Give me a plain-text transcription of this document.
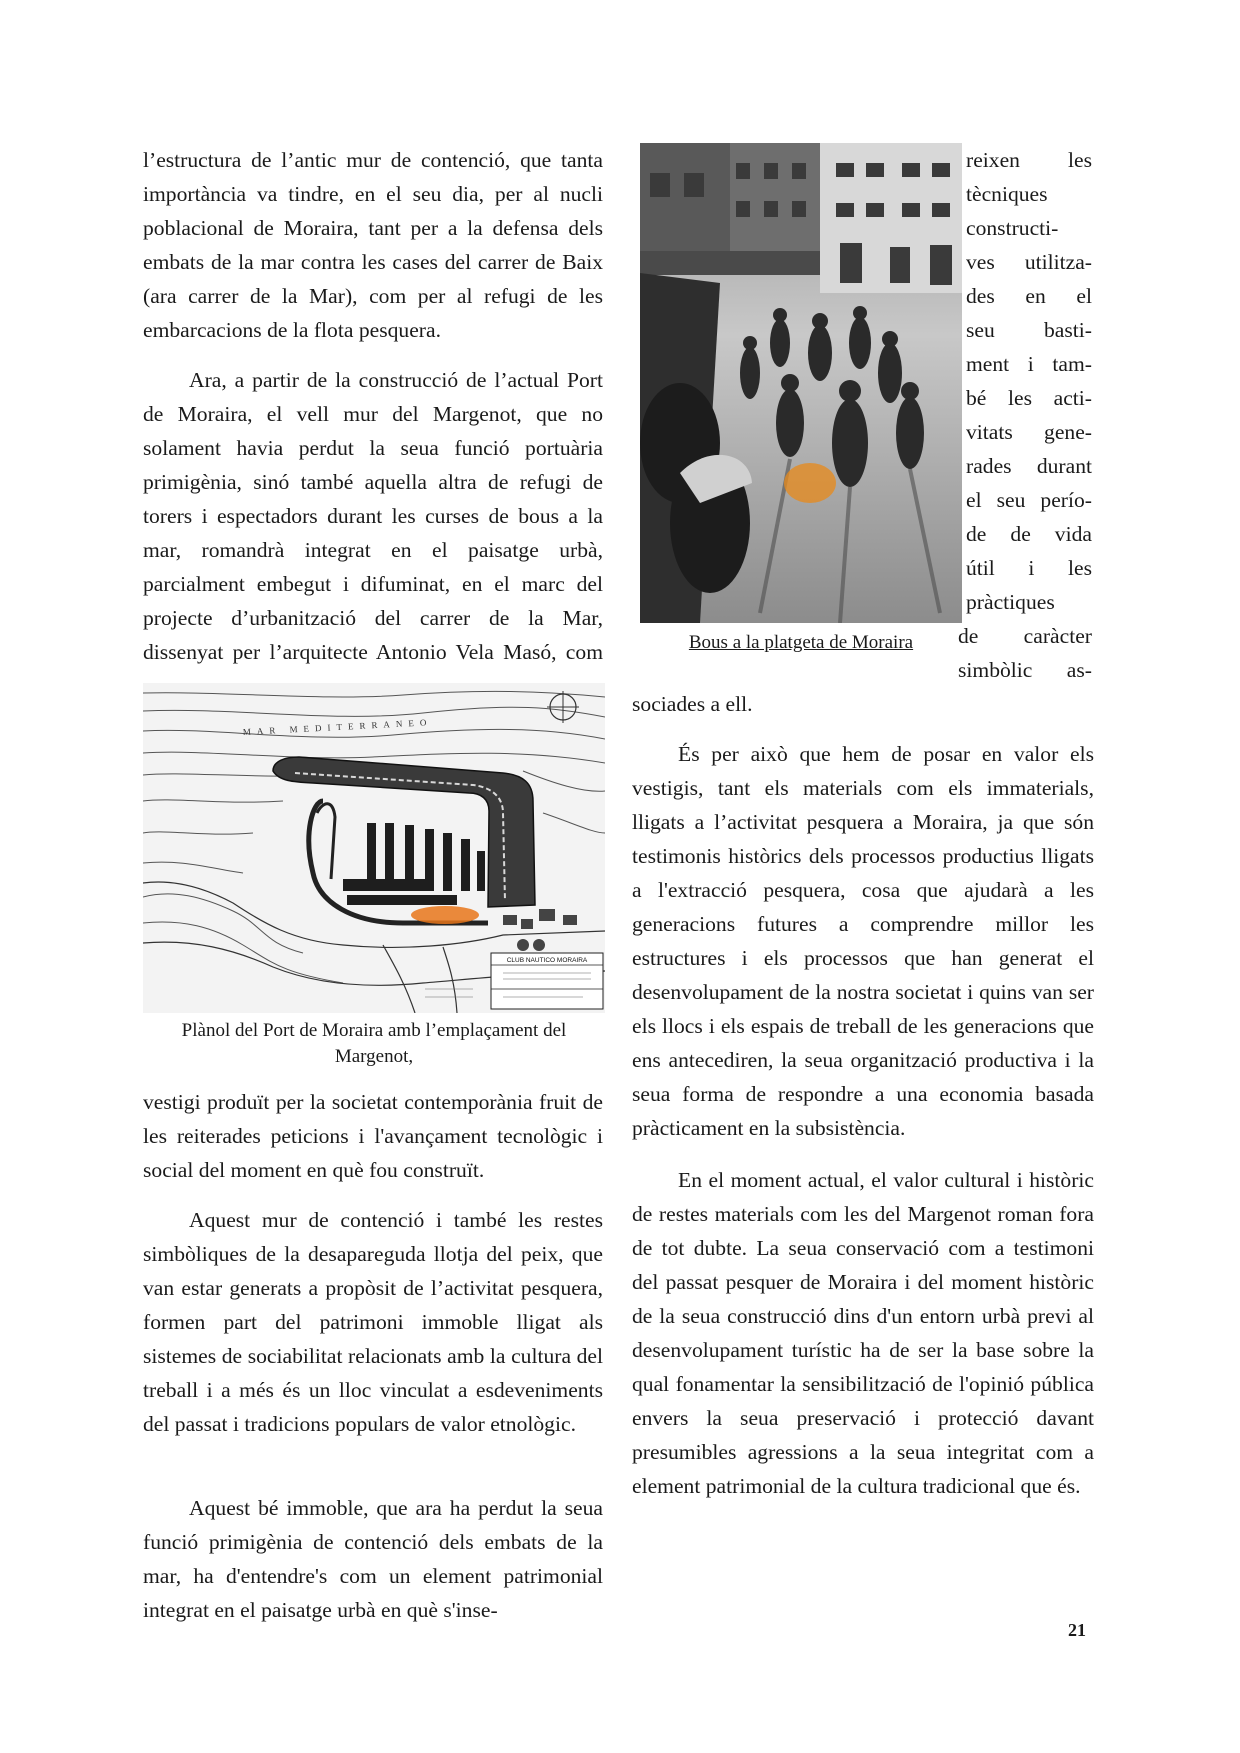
l’estructura de l’antic mur de contenció, que tanta importància va tindre, en el seu dia, per al nucli poblacional de Moraira, tant per a la defensa dels embats de la mar contra les cases del carrer de Baix (ara carrer de la Mar), com per al refugi de les embarcacions de la flota pesquera.

Ara, a partir de la construcció de l’actual Port de Moraira, el vell mur del Margenot, que no solament havia perdut la seua funció portuària primigènia, sinó també aquella altra de refugi de torers i espectadors durant les curses de bous a la mar, romandrà integrat en el paisatge urbà, parcialment embegut i difuminat, en el marc del projecte d’urbanització del carrer de la Mar, dissenyat per l’arquitecte Antonio Vela Masó, com

MAR MEDITERRANEO
CLUB NAUTICO MORAIRA
Plànol del Port de Moraira amb l’emplaçament del Margenot,

vestigi produït per la societat contemporània fruit de les reiterades peticions i l'avançament tecnològic i social del moment en què fou construït.

Aquest mur de contenció i també les restes simbòliques de la desapareguda llotja del peix, que van estar generats a propòsit de l’activitat pesquera, formen part del patrimoni immoble lligat als sistemes de sociabilitat relacionats amb la cultura del treball i a més és un lloc vinculat a esdeveniments del passat i tradicions populars de valor etnològic.

Aquest bé immoble, que ara ha perdut la seua funció primigènia de contenció dels embats de la mar, ha d'entendre's com un element patrimonial integrat en el paisatge urbà en què s'inse-

Bous a la platgeta de Moraira
reixen les
tècniques
constructi-
ves utilitza-
des en el
seu basti-
ment i tam-
bé les acti-
vitats gene-
rades durant
el seu perío-
de de vida
útil i les
pràctiques
de caràcter
simbòlic as-

sociades a ell.

És per això que hem de posar en valor els vestigis, tant els materials com els immaterials, lligats a l’activitat pesquera a Moraira, ja que són testimonis històrics dels processos productius lligats a l'extracció pesquera, cosa que ajudarà a les generacions futures a comprendre millor les estructures i els processos que han generat el desenvolupament de la nostra societat i quins van ser els llocs i els espais de treball de les generacions que ens antecediren, la seua organització productiva i la seua forma de respondre a una economia basada pràcticament en la subsistència.

En el moment actual, el valor cultural i històric de restes materials com les del Margenot roman fora de tot dubte. La seua conservació com a testimoni del passat pesquer de Moraira i del moment històric de la seua construcció dins d'un entorn urbà previ al desenvolupament turístic ha de ser la base sobre la qual fonamentar la sensibilització de l'opinió pública envers la seua preservació i protecció davant presumibles agressions a la seua integritat com a element patrimonial de la cultura tradicional que és.

21
